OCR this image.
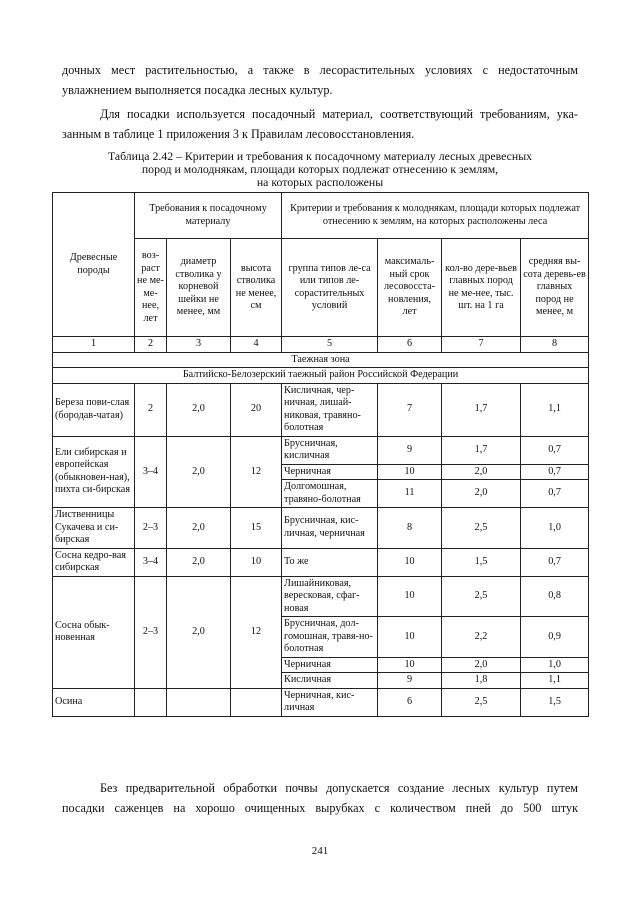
дочных мест растительностью, а также в лесорастительных условиях с недостаточным
увлажнением выполняется посадка лесных культур.
Для посадки используется посадочный материал, соответствующий требованиям, ука-
занным в таблице 1 приложения 3 к Правилам лесовосстановления.
Таблица 2.42 – Критерии и требования к посадочному материалу лесных древесных
пород и молоднякам, площади которых подлежат отнесению к землям,
на которых расположены
Древесные породы	Требования к посадочному материалу			Критерии и требования к молоднякам, площади которых подлежат отнесению к землям, на которых расположены леса			
	воз-раст не ме-ме-нее, лет	диаметр стволика у корневой шейки не менее, мм	высота стволика не менее, см	группа типов ле-са или типов ле-сорастительных условий	максималь-ный срок лесовосста-новления, лет	кол-во дере-вьев главных пород не ме-нее, тыс. шт. на 1 га	средняя вы-сота деревь-ев главных пород не менее, м
1	2	3	4	5	6	7	8
Таежная зона							
Балтийско-Белозерский таежный район Российской Федерации							
Береза пови-слая (бородав-чатая)	2	2,0	20	Кисличная, чер-ничная, лишай-никовая, травяно-болотная	7	1,7	1,1
Ели сибирская и европейская (обыкновен-ная), пихта си-бирская	3–4	2,0	12	Брусничная, кисличная	9	1,7	0,7
				Черничная	10	2,0	0,7
				Долгомошная, травяно-болотная	11	2,0	0,7
Лиственницы Сукачева и си-бирская	2–3	2,0	15	Брусничная, кис-личная, черничная	8	2,5	1,0
Сосна кедро-вая сибирская	3–4	2,0	10	То же	10	1,5	0,7
Сосна обык-новенная	2–3	2,0	12	Лишайниковая, вересковая, сфаг-новая	10	2,5	0,8
				Брусничная, дол-гомошная, травя-но-болотная	10	2,2	0,9
				Черничная	10	2,0	1,0
				Кисличная	9	1,8	1,1
Осина				Черничная, кис-личная	6	2,5	1,5
Без предварительной обработки почвы допускается создание лесных культур путем
посадки саженцев на хорошо очищенных вырубках с количеством пней до 500 штук
241
